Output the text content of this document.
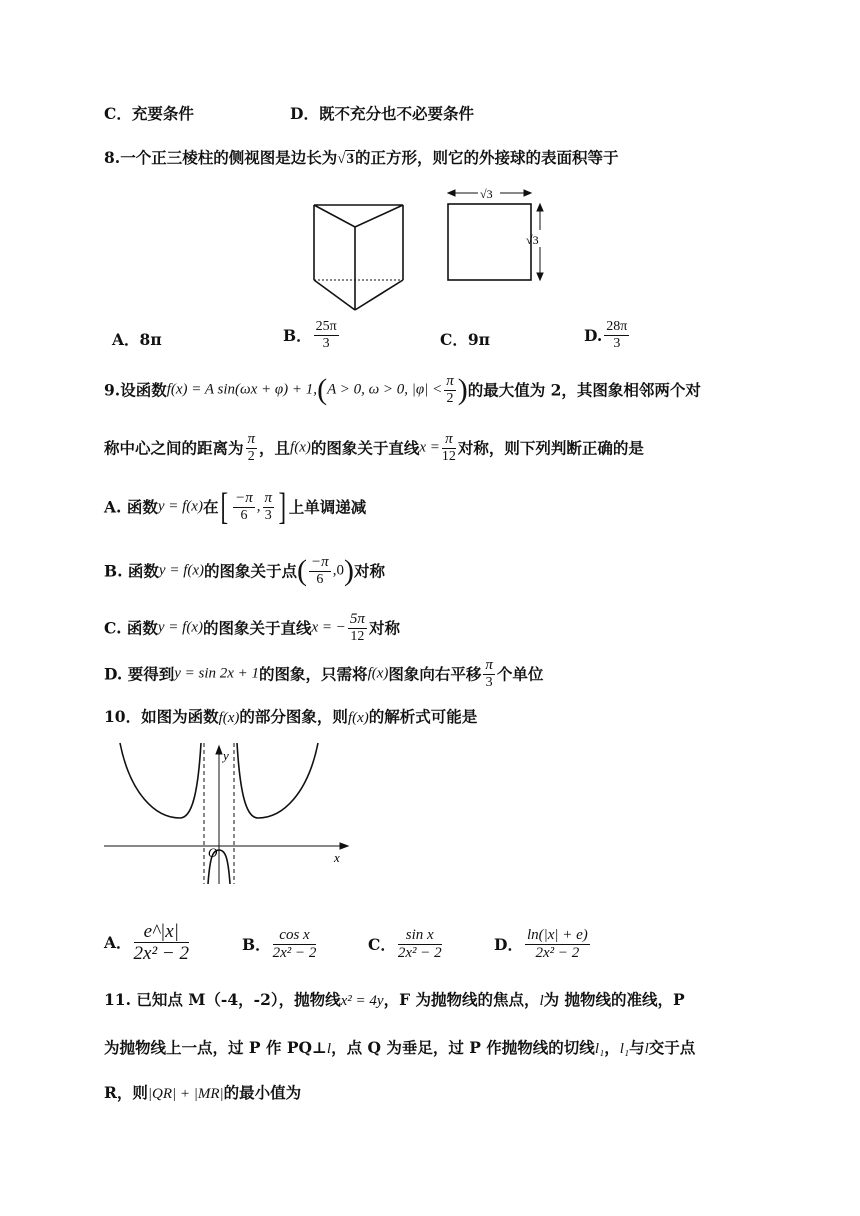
C．充要条件	D．既不充分也不必要条件
8.一个正三棱柱的侧视图是边长为√3的正方形，则它的外接球的表面积等于
√3
√3
A．8π	B． $\frac{25\pi}{3}$	C．9π	D. $\frac{28\pi}{3}$
9.设函数f(x) = A sin(ωx + φ) + 1,(A > 0, ω > 0, $|\varphi| < \frac{\pi}{2}$ )的最大值为 2，其图象相邻两个对
称中心之间的距离为 $\frac{\pi}{2}$ ，且f(x)的图象关于直线$x = \frac{\pi}{12}$ 对称，则下列判断正确的是
A. 函数y = f(x)在[ $\frac{-\pi}{6}$ , $\frac{\pi}{3}$ ] 上单调递减
B. 函数y = f(x)的图象关于点( $\frac{-\pi}{6} ,0$)对称
C. 函数y = f(x)的图象关于直线x = − $\frac{5\pi}{12}$ 对称
D. 要得到y = sin 2x + 1的图象，只需将f(x)图象向右平移 $\frac{\pi}{3}$ 个单位
10．如图为函数f(x)的部分图象，则f(x)的解析式可能是
y
x
O
A． $\frac{e\^{}|x|}{\text{2x² − 2}}$	B． $\frac{\text{cos x}}{\text{2x² − 2}}$	C． $\frac{\text{sin x}}{\text{2x² − 2}}$	D． $\frac{\ln(|x| + e)}{\text{2x² − 2}}$
11. 已知点 M（-4，-2），抛物线x² = 4y，F 为抛物线的焦点，l为 抛物线的准线，P
为抛物线上一点，过 P 作 PQ⊥l，点 Q 为垂足，过 P 作抛物线的切线l₁，l₁与l交于点
R，则|QR| + |MR|的最小值为
